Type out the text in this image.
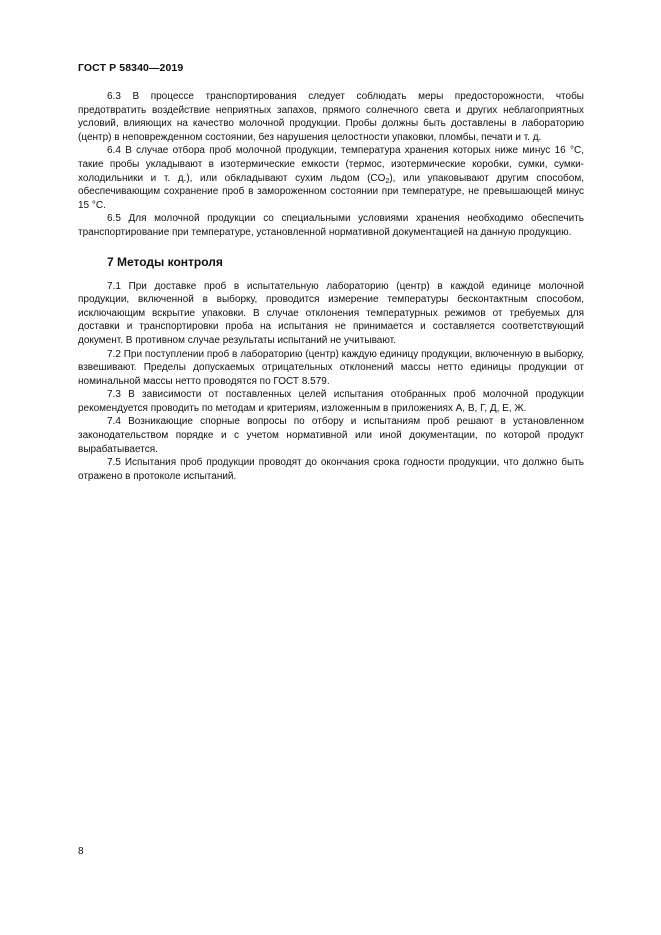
ГОСТ Р 58340—2019

6.3 В процессе транспортирования следует соблюдать меры предосторожности, чтобы предотвратить воздействие неприятных запахов, прямого солнечного света и других неблагоприятных условий, влияющих на качество молочной продукции. Пробы должны быть доставлены в лабораторию (центр) в неповрежденном состоянии, без нарушения целостности упаковки, пломбы, печати и т. д.

6.4 В случае отбора проб молочной продукции, температура хранения которых ниже минус 16 °C, такие пробы укладывают в изотермические емкости (термос, изотермические коробки, сумки, сумки-холодильники и т. д.), или обкладывают сухим льдом $(CO_2)$, или упаковывают другим способом, обеспечивающим сохранение проб в замороженном состоянии при температуре, не превышающей минус 15 °C.

6.5 Для молочной продукции со специальными условиями хранения необходимо обеспечить транспортирование при температуре, установленной нормативной документацией на данную продукцию.

7 Методы контроля

7.1 При доставке проб в испытательную лабораторию (центр) в каждой единице молочной продукции, включенной в выборку, проводится измерение температуры бесконтактным способом, исключающим вскрытие упаковки. В случае отклонения температурных режимов от требуемых для доставки и транспортировки проба на испытания не принимается и составляется соответствующий документ. В противном случае результаты испытаний не учитывают.

7.2 При поступлении проб в лабораторию (центр) каждую единицу продукции, включенную в выборку, взвешивают. Пределы допускаемых отрицательных отклонений массы нетто единицы продукции от номинальной массы нетто проводятся по ГОСТ 8.579.

7.3 В зависимости от поставленных целей испытания отобранных проб молочной продукции рекомендуется проводить по методам и критериям, изложенным в приложениях А, В, Г, Д, Е, Ж.

7.4 Возникающие спорные вопросы по отбору и испытаниям проб решают в установленном законодательством порядке и с учетом нормативной или иной документации, по которой продукт вырабатывается.

7.5 Испытания проб продукции проводят до окончания срока годности продукции, что должно быть отражено в протоколе испытаний.

8
